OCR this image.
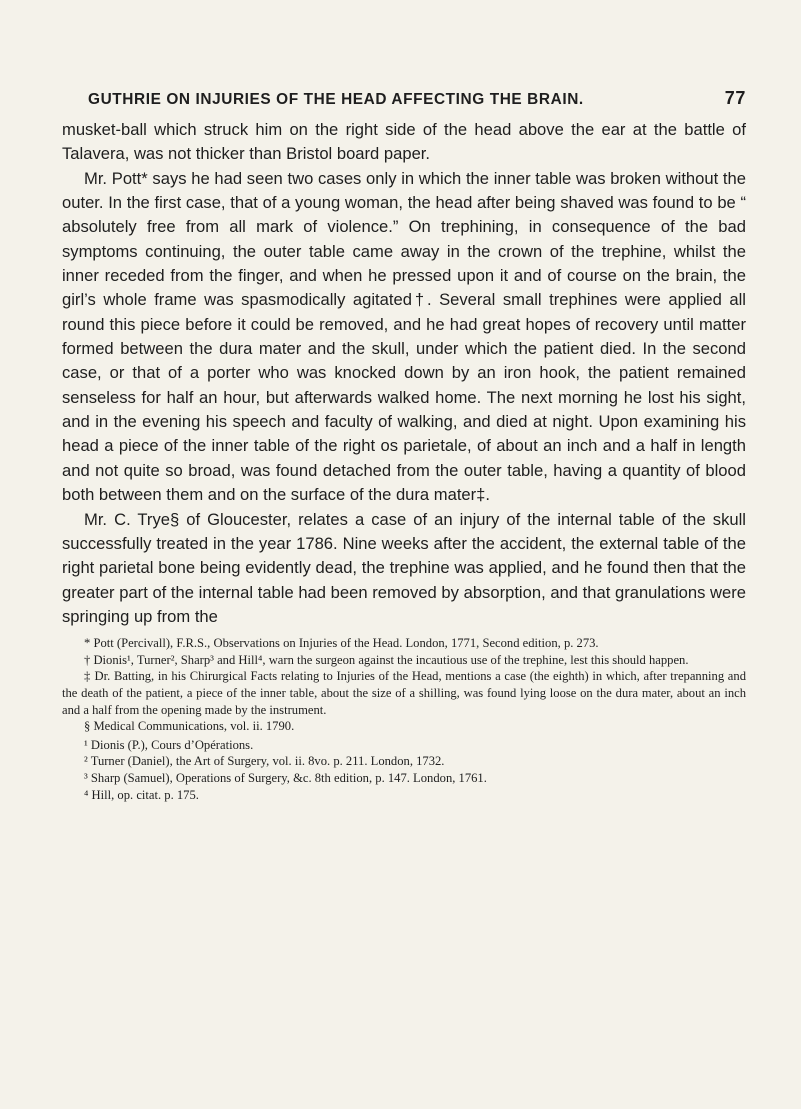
GUTHRIE ON INJURIES OF THE HEAD AFFECTING THE BRAIN.	77

musket-ball which struck him on the right side of the head above the ear at the battle of Talavera, was not thicker than Bristol board paper.

Mr. Pott* says he had seen two cases only in which the inner table was broken without the outer. In the first case, that of a young woman, the head after being shaved was found to be “ absolutely free from all mark of violence.” On trephining, in consequence of the bad symptoms continuing, the outer table came away in the crown of the trephine, whilst the inner receded from the finger, and when he pressed upon it and of course on the brain, the girl’s whole frame was spasmodically agitated†. Several small trephines were applied all round this piece before it could be removed, and he had great hopes of recovery until matter formed between the dura mater and the skull, under which the patient died. In the second case, or that of a porter who was knocked down by an iron hook, the patient remained senseless for half an hour, but afterwards walked home. The next morning he lost his sight, and in the evening his speech and faculty of walking, and died at night. Upon examining his head a piece of the inner table of the right os parietale, of about an inch and a half in length and not quite so broad, was found detached from the outer table, having a quantity of blood both between them and on the surface of the dura mater‡.

Mr. C. Trye§ of Gloucester, relates a case of an injury of the internal table of the skull successfully treated in the year 1786. Nine weeks after the accident, the external table of the right parietal bone being evidently dead, the trephine was applied, and he found then that the greater part of the internal table had been removed by absorption, and that granulations were springing up from the

* Pott (Percivall), F.R.S., Observations on Injuries of the Head. London, 1771, Second edition, p. 273.

† Dionis¹, Turner², Sharp³ and Hill⁴, warn the surgeon against the incautious use of the trephine, lest this should happen.

‡ Dr. Batting, in his Chirurgical Facts relating to Injuries of the Head, mentions a case (the eighth) in which, after trepanning and the death of the patient, a piece of the inner table, about the size of a shilling, was found lying loose on the dura mater, about an inch and a half from the opening made by the instrument.

§ Medical Communications, vol. ii. 1790.

¹ Dionis (P.), Cours d’Opérations.

² Turner (Daniel), the Art of Surgery, vol. ii. 8vo. p. 211. London, 1732.

³ Sharp (Samuel), Operations of Surgery, &c. 8th edition, p. 147. London, 1761.

⁴ Hill, op. citat. p. 175.
